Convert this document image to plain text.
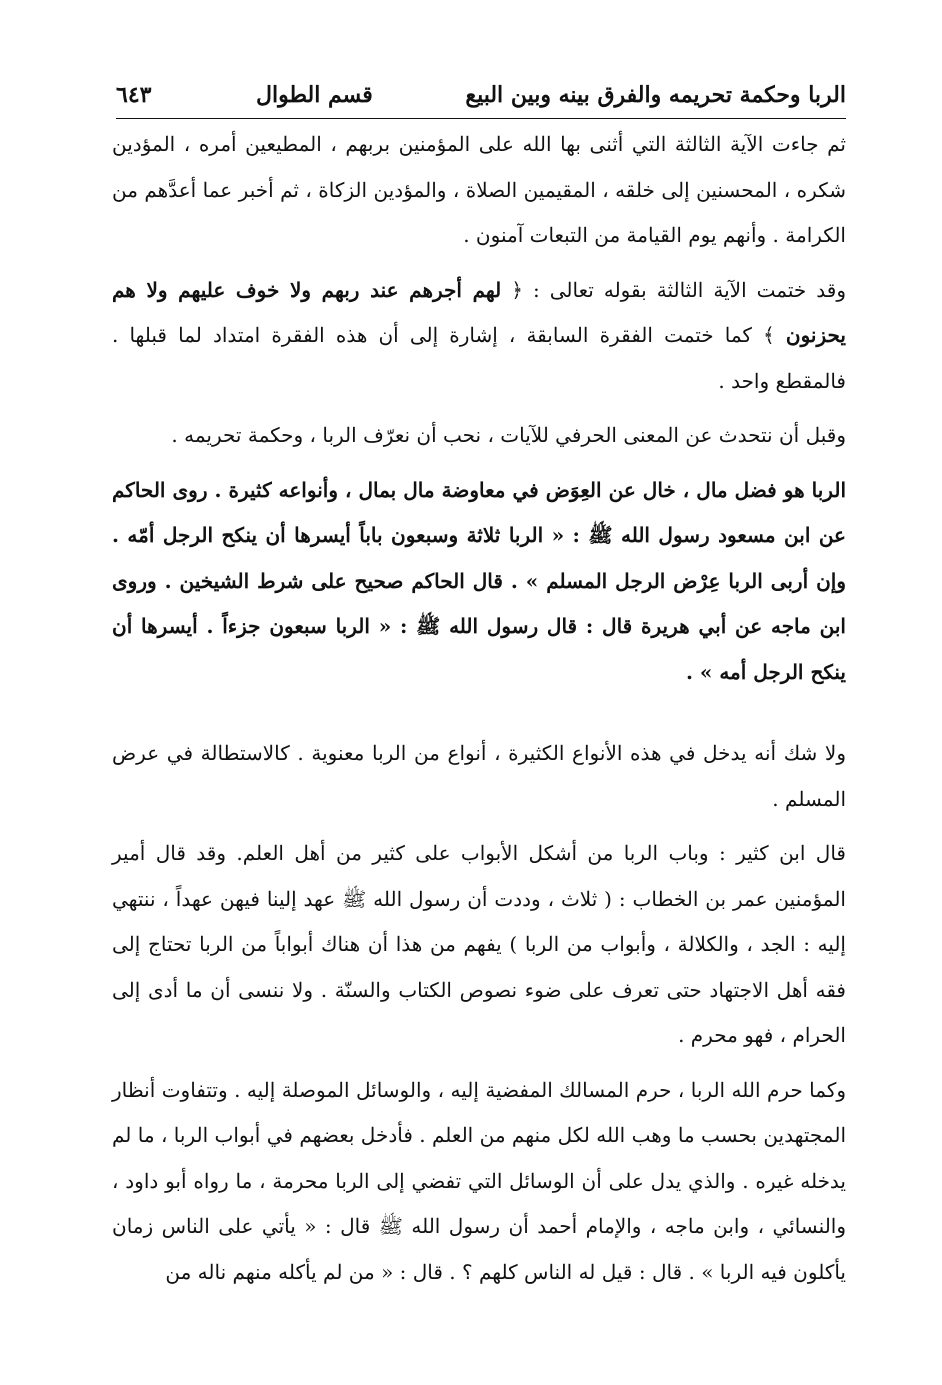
الربا وحكمة تحريمه والفرق بينه وبين البيع
قسم الطوال
٦٤٣

ثم جاءت الآية الثالثة التي أثنى بها الله على المؤمنين بربهم ، المطيعين أمره ، المؤدين شكره ، المحسنين إلى خلقه ، المقيمين الصلاة ، والمؤدين الزكاة ، ثم أخبر عما أعدَّهم من الكرامة . وأنهم يوم القيامة من التبعات آمنون .

وقد ختمت الآية الثالثة بقوله تعالى : ﴿ لهم أجرهم عند ربهم ولا خوف عليهم ولا هم يحزنون ﴾ كما ختمت الفقرة السابقة ، إشارة إلى أن هذه الفقرة امتداد لما قبلها . فالمقطع واحد .

وقبل أن نتحدث عن المعنى الحرفي للآيات ، نحب أن نعرّف الربا ، وحكمة تحريمه .

الربا هو فضل مال ، خال عن العِوَض في معاوضة مال بمال ، وأنواعه كثيرة . روى الحاكم عن ابن مسعود رسول الله ﷺ : « الربا ثلاثة وسبعون باباً أيسرها أن ينكح الرجل أمّه . وإن أربى الربا عِرْض الرجل المسلم » . قال الحاكم صحيح على شرط الشيخين . وروى ابن ماجه عن أبي هريرة قال : قال رسول الله ﷺ : « الربا سبعون جزءاً . أيسرها أن ينكح الرجل أمه » .

ولا شك أنه يدخل في هذه الأنواع الكثيرة ، أنواع من الربا معنوية . كالاستطالة في عرض المسلم .

قال ابن كثير : وباب الربا من أشكل الأبواب على كثير من أهل العلم. وقد قال أمير المؤمنين عمر بن الخطاب : ( ثلاث ، وددت أن رسول الله ﷺ عهد إلينا فيهن عهداً ، ننتهي إليه : الجد ، والكلالة ، وأبواب من الربا ) يفهم من هذا أن هناك أبواباً من الربا تحتاج إلى فقه أهل الاجتهاد حتى تعرف على ضوء نصوص الكتاب والسنّة . ولا ننسى أن ما أدى إلى الحرام ، فهو محرم .

وكما حرم الله الربا ، حرم المسالك المفضية إليه ، والوسائل الموصلة إليه . وتتفاوت أنظار المجتهدين بحسب ما وهب الله لكل منهم من العلم . فأدخل بعضهم في أبواب الربا ، ما لم يدخله غيره . والذي يدل على أن الوسائل التي تفضي إلى الربا محرمة ، ما رواه أبو داود ، والنسائي ، وابن ماجه ، والإمام أحمد أن رسول الله ﷺ قال : « يأتي على الناس زمان يأكلون فيه الربا » . قال : قيل له الناس كلهم ؟ . قال : « من لم يأكله منهم ناله من
